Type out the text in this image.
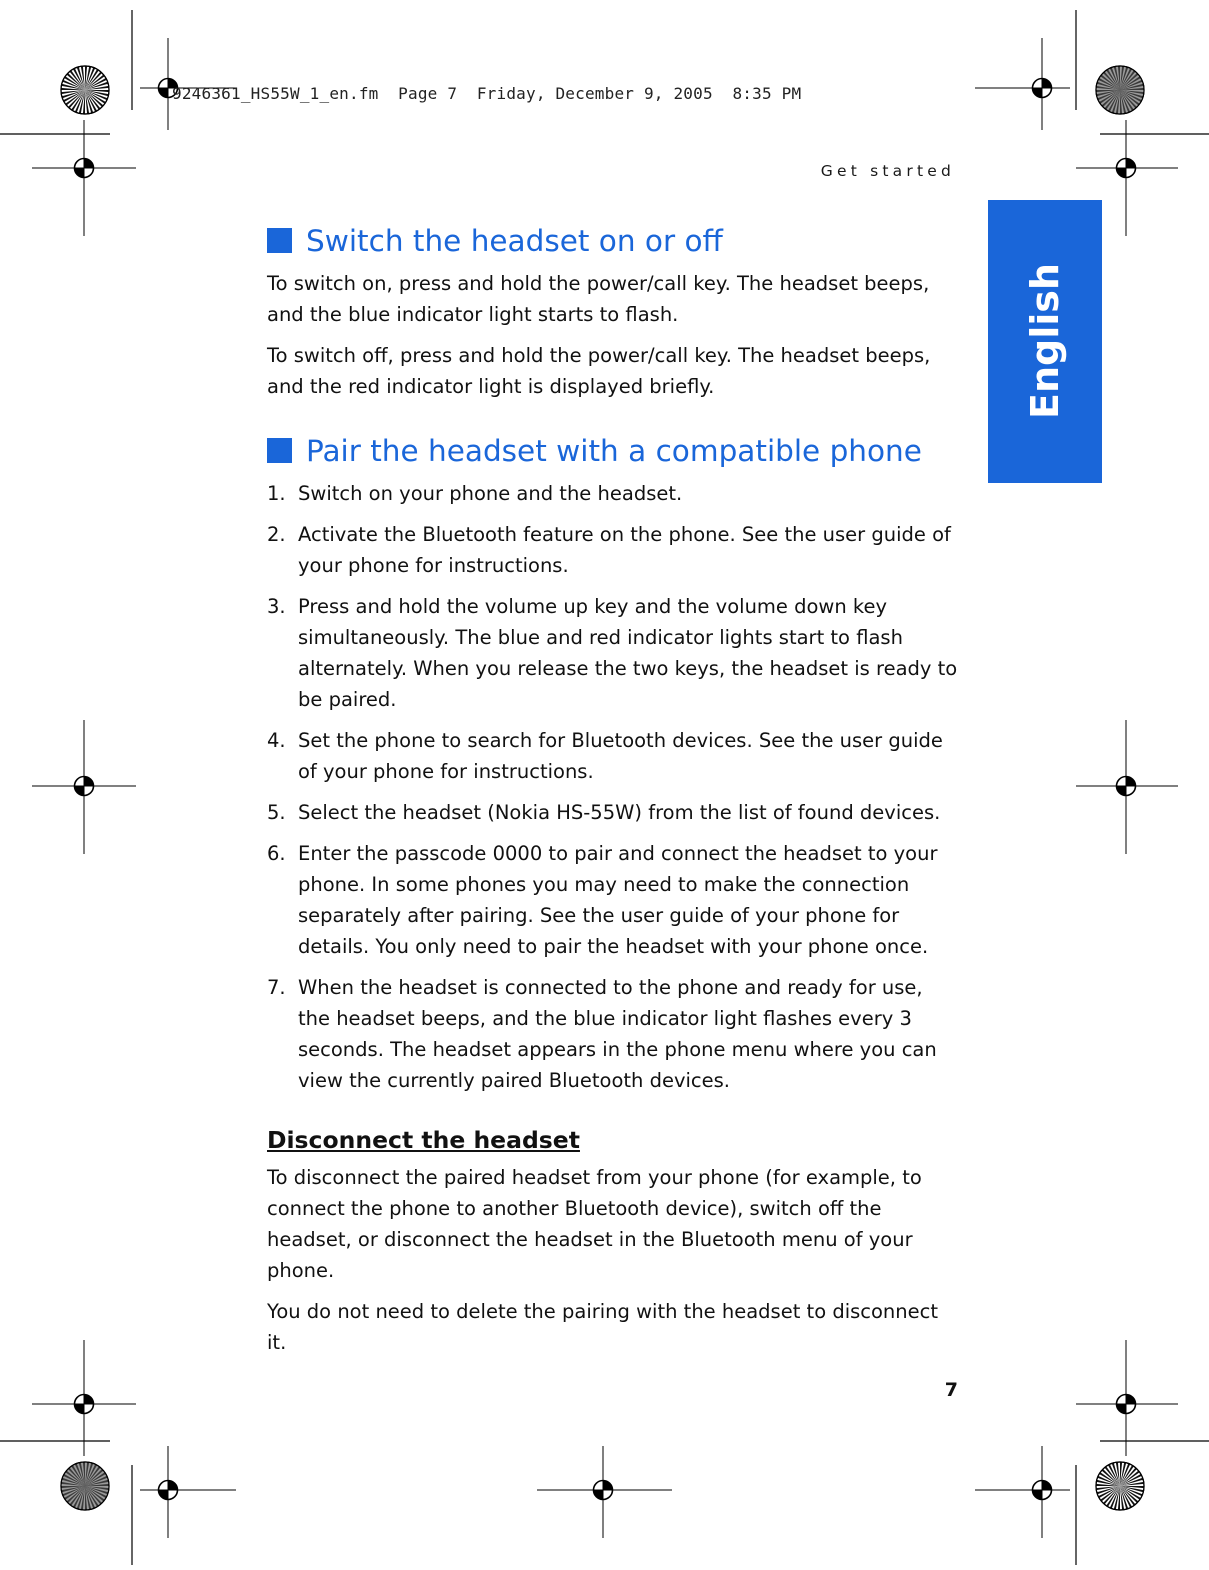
9246361_HS55W_1_en.fm  Page 7  Friday, December 9, 2005  8:35 PM
Get started
English
Switch the headset on or off

To switch on, press and hold the power/call key. The headset beeps, and the blue indicator light starts to flash.

To switch off, press and hold the power/call key. The headset beeps, and the red indicator light is displayed briefly.

Pair the headset with a compatible phone
1. Switch on your phone and the headset.
2. Activate the Bluetooth feature on the phone. See the user guide of your phone for instructions.
3. Press and hold the volume up key and the volume down key simultaneously. The blue and red indicator lights start to flash alternately. When you release the two keys, the headset is ready to be paired.
4. Set the phone to search for Bluetooth devices. See the user guide of your phone for instructions.
5. Select the headset (Nokia HS-55W) from the list of found devices.
6. Enter the passcode 0000 to pair and connect the headset to your phone. In some phones you may need to make the connection separately after pairing. See the user guide of your phone for details. You only need to pair the headset with your phone once.
7. When the headset is connected to the phone and ready for use, the headset beeps, and the blue indicator light flashes every 3 seconds. The headset appears in the phone menu where you can view the currently paired Bluetooth devices.
Disconnect the headset

To disconnect the paired headset from your phone (for example, to connect the phone to another Bluetooth device), switch off the headset, or disconnect the headset in the Bluetooth menu of your phone.

You do not need to delete the pairing with the headset to disconnect it.

7
